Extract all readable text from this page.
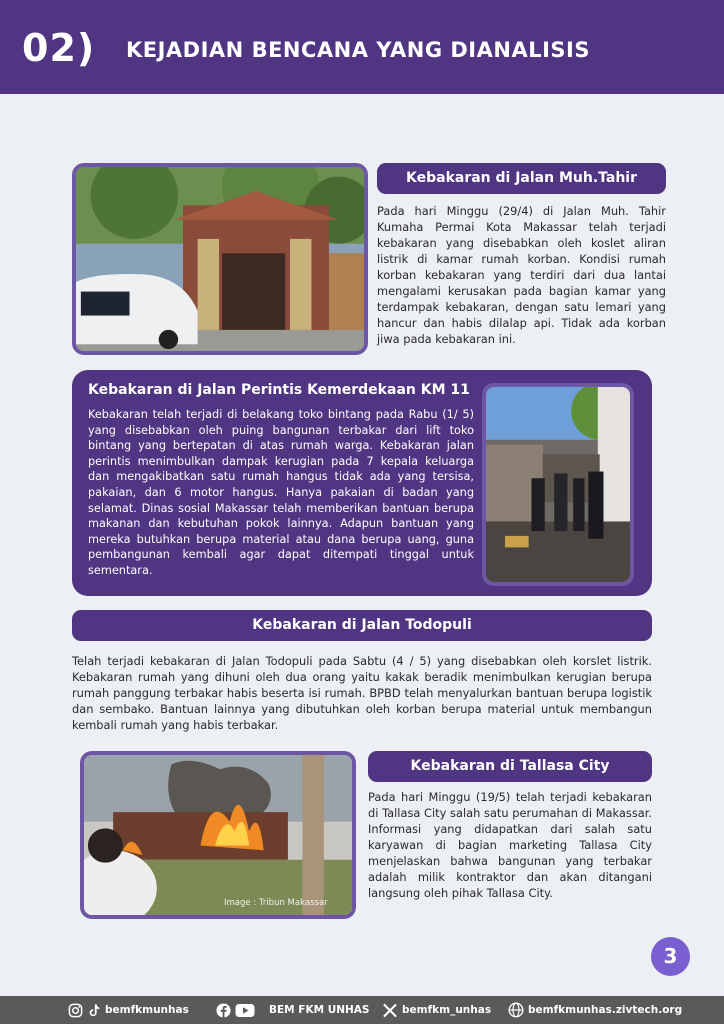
02) KEJADIAN BENCANA YANG DIANALISIS
Kebakaran di Jalan Muh.Tahir
Pada hari Minggu (29/4) di Jalan Muh. Tahir Kumaha Permai Kota Makassar telah terjadi kebakaran yang disebabkan oleh koslet aliran listrik di kamar rumah korban. Kondisi rumah korban kebakaran yang terdiri dari dua lantai mengalami kerusakan pada bagian kamar yang terdampak kebakaran, dengan satu lemari yang hancur dan habis dilalap api. Tidak ada korban jiwa pada kebakaran ini.
Kebakaran di Jalan Perintis Kemerdekaan KM 11
Kebakaran telah terjadi di belakang toko bintang pada Rabu (1/ 5) yang disebabkan oleh puing bangunan terbakar dari lift toko bintang yang bertepatan di atas rumah warga. Kebakaran jalan perintis menimbulkan dampak kerugian pada 7 kepala keluarga dan mengakibatkan satu rumah hangus tidak ada yang tersisa, pakaian, dan 6 motor hangus. Hanya pakaian di badan yang selamat. Dinas sosial Makassar telah memberikan bantuan berupa makanan dan kebutuhan pokok lainnya. Adapun bantuan yang mereka butuhkan berupa material atau dana berupa uang, guna pembangunan kembali agar dapat ditempati tinggal untuk sementara.
Kebakaran di Jalan Todopuli
Telah terjadi kebakaran di Jalan Todopuli pada Sabtu (4 / 5) yang disebabkan oleh korslet listrik. Kebakaran rumah yang dihuni oleh dua orang yaitu kakak beradik menimbulkan kerugian berupa rumah panggung terbakar habis beserta isi rumah. BPBD telah menyalurkan bantuan berupa logistik dan sembako. Bantuan lainnya yang dibutuhkan oleh korban berupa material untuk membangun kembali rumah yang habis terbakar.
Image : Tribun Makassar
Kebakaran di Tallasa City
Pada hari Minggu (19/5) telah terjadi kebakaran di Tallasa City salah satu perumahan di Makassar. Informasi yang didapatkan dari salah satu karyawan di bagian marketing Tallasa City menjelaskan bahwa bangunan yang terbakar adalah milik kontraktor dan akan ditangani langsung oleh pihak Tallasa City.
3
bemfkmunhas	BEM FKM UNHAS	bemfkm_unhas	bemfkmunhas.zivtech.org
